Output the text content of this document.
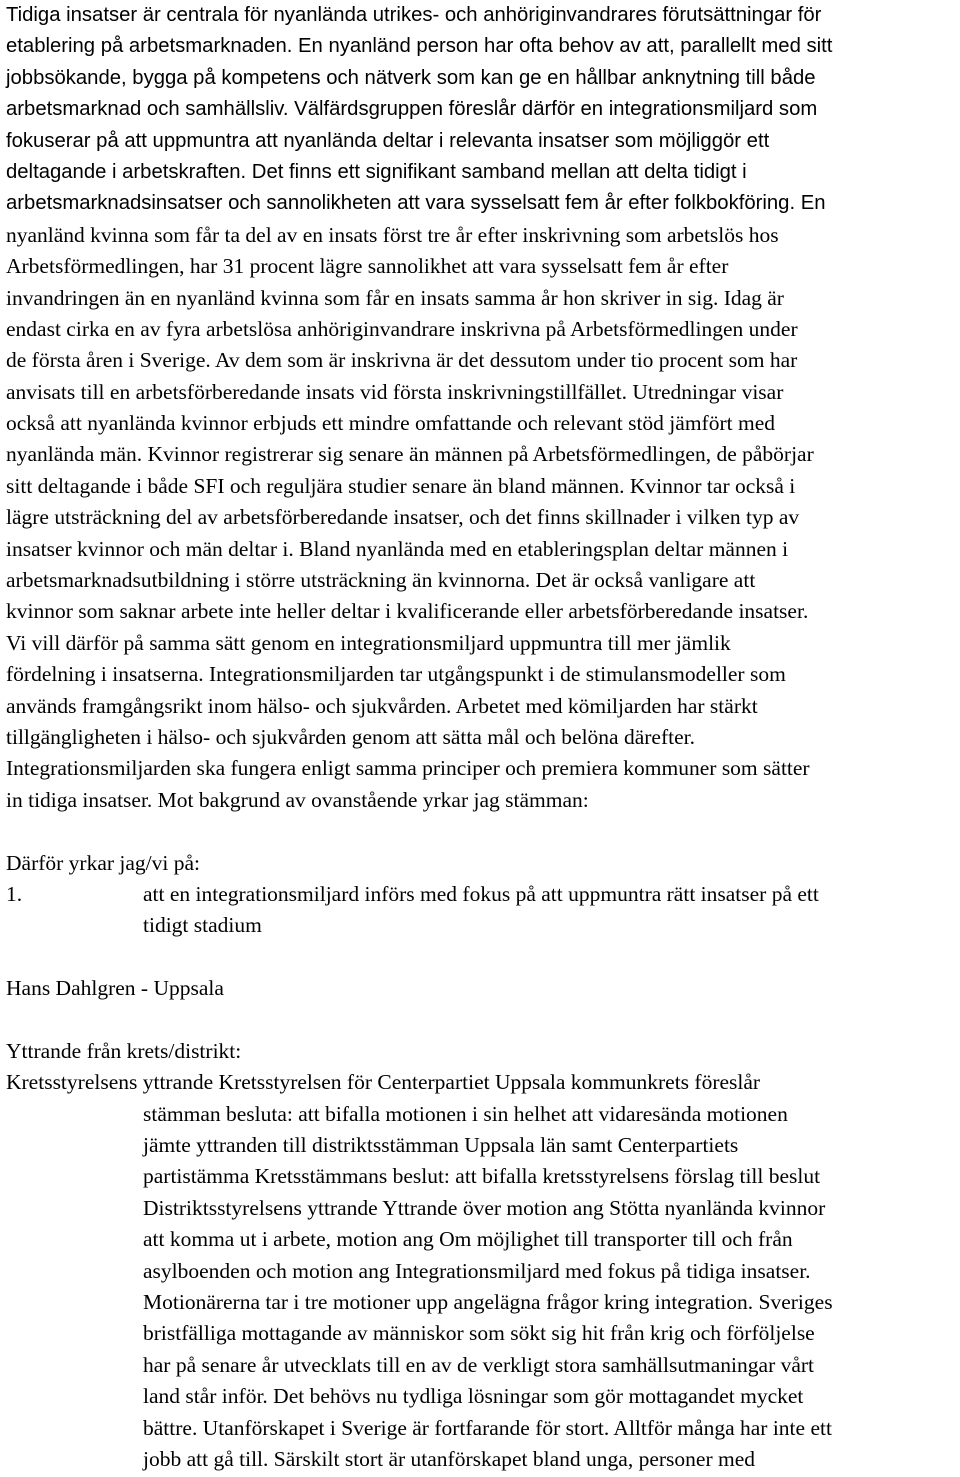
Tidiga insatser är centrala för nyanlända utrikes- och anhöriginvandrares förutsättningar för
etablering på arbetsmarknaden. En nyanländ person har ofta behov av att, parallellt med sitt
jobbsökande, bygga på kompetens och nätverk som kan ge en hållbar anknytning till både
arbetsmarknad och samhällsliv. Välfärdsgruppen föreslår därför en integrationsmiljard som
fokuserar på att uppmuntra att nyanlända deltar i relevanta insatser som möjliggör ett
deltagande i arbetskraften. Det finns ett signifikant samband mellan att delta tidigt i
arbetsmarknadsinsatser och sannolikheten att vara sysselsatt fem år efter folkbokföring. En
nyanländ kvinna som får ta del av en insats först tre år efter inskrivning som arbetslös hos
Arbetsförmedlingen, har 31 procent lägre sannolikhet att vara sysselsatt fem år efter
invandringen än en nyanländ kvinna som får en insats samma år hon skriver in sig. Idag är
endast cirka en av fyra arbetslösa anhöriginvandrare inskrivna på Arbetsförmedlingen under
de första åren i Sverige. Av dem som är inskrivna är det dessutom under tio procent som har
anvisats till en arbetsförberedande insats vid första inskrivningstillfället. Utredningar visar
också att nyanlända kvinnor erbjuds ett mindre omfattande och relevant stöd jämfört med
nyanlända män. Kvinnor registrerar sig senare än männen på Arbetsförmedlingen, de påbörjar
sitt deltagande i både SFI och reguljära studier senare än bland männen. Kvinnor tar också i
lägre utsträckning del av arbetsförberedande insatser, och det finns skillnader i vilken typ av
insatser kvinnor och män deltar i. Bland nyanlända med en etableringsplan deltar männen i
arbetsmarknadsutbildning i större utsträckning än kvinnorna. Det är också vanligare att
kvinnor som saknar arbete inte heller deltar i kvalificerande eller arbetsförberedande insatser.
Vi vill därför på samma sätt genom en integrationsmiljard uppmuntra till mer jämlik
fördelning i insatserna. Integrationsmiljarden tar utgångspunkt i de stimulansmodeller som
används framgångsrikt inom hälso- och sjukvården. Arbetet med kömiljarden har stärkt
tillgängligheten i hälso- och sjukvården genom att sätta mål och belöna därefter.
Integrationsmiljarden ska fungera enligt samma principer och premiera kommuner som sätter
in tidiga insatser. Mot bakgrund av ovanstående yrkar jag stämman:
Därför yrkar jag/vi på:
1.	att en integrationsmiljard införs med fokus på att uppmuntra rätt insatser på ett
tidigt stadium
Hans Dahlgren - Uppsala
Yttrande från krets/distrikt:
Kretsstyrelsens yttrande Kretsstyrelsen för Centerpartiet Uppsala kommunkrets föreslår
stämman besluta: att bifalla motionen i sin helhet att vidaresända motionen
jämte yttranden till distriktsstämman Uppsala län samt Centerpartiets
partistämma Kretsstämmans beslut: att bifalla kretsstyrelsens förslag till beslut
Distriktsstyrelsens yttrande Yttrande över motion ang Stötta nyanlända kvinnor
att komma ut i arbete, motion ang Om möjlighet till transporter till och från
asylboenden och motion ang Integrationsmiljard med fokus på tidiga insatser.
Motionärerna tar i tre motioner upp angelägna frågor kring integration. Sveriges
bristfälliga mottagande av människor som sökt sig hit från krig och förföljelse
har på senare år utvecklats till en av de verkligt stora samhällsutmaningar vårt
land står inför. Det behövs nu tydliga lösningar som gör mottagandet mycket
bättre. Utanförskapet i Sverige är fortfarande för stort. Alltför många har inte ett
jobb att gå till. Särskilt stort är utanförskapet bland unga, personer med
